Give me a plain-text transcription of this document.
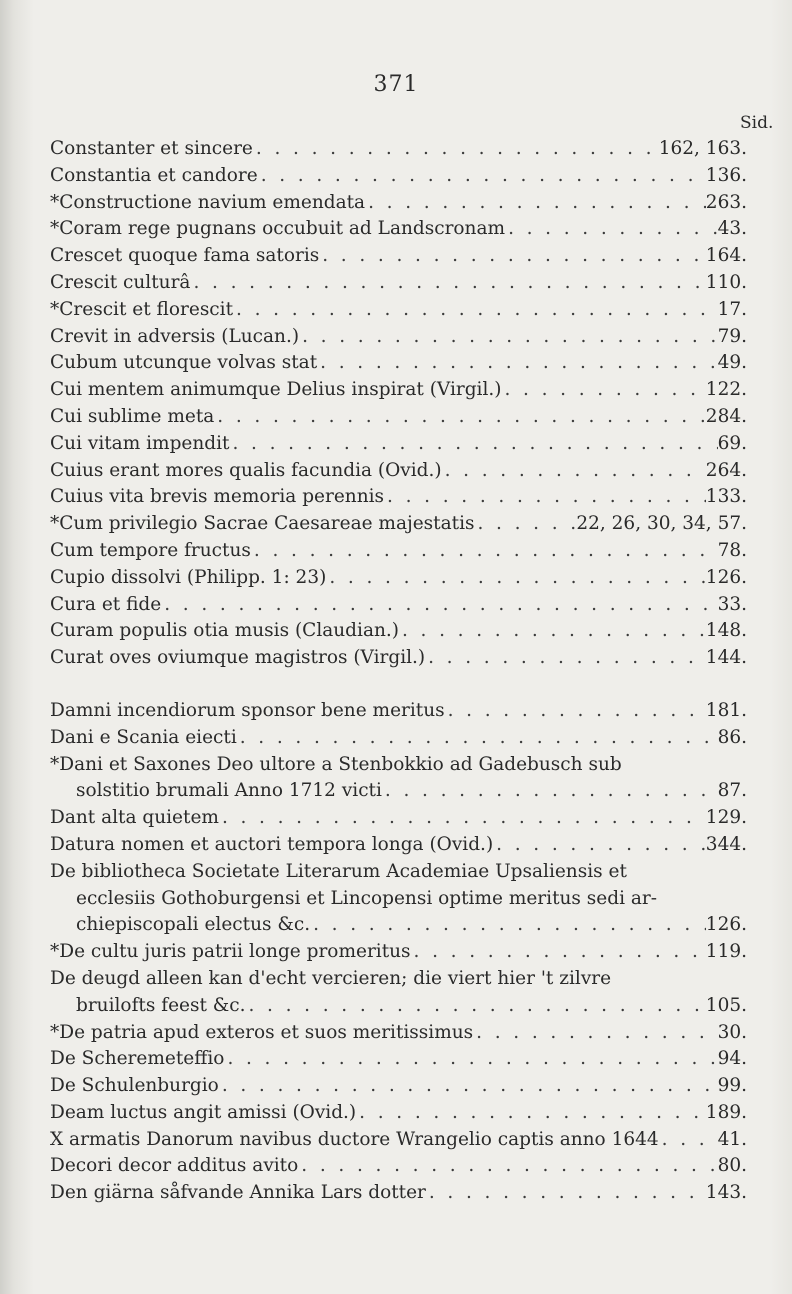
371
Sid.
Constanter et sincere . . .	162, 163.
Constantia et candore . . .	136.
*Constructione navium emendata . . .	263.
*Coram rege pugnans occubuit ad Landscronam . . .	43.
Crescet quoque fama satoris . . .	164.
Crescit culturâ . . .	110.
*Crescit et florescit . . .	17.
Crevit in adversis (Lucan.) . . .	79.
Cubum utcunque volvas stat . . .	49.
Cui mentem animumque Delius inspirat (Virgil.) . . .	122.
Cui sublime meta . . .	284.
Cui vitam impendit . . .	69.
Cuius erant mores qualis facundia (Ovid.) . . .	264.
Cuius vita brevis memoria perennis . . .	133.
*Cum privilegio Sacrae Caesareae majestatis . . .	22, 26, 30, 34, 57.
Cum tempore fructus . . .	78.
Cupio dissolvi (Philipp. 1: 23) . . .	126.
Cura et fide . . .	33.
Curam populis otia musis (Claudian.) . . .	148.
Curat oves oviumque magistros (Virgil.) . . .	144.
Damni incendiorum sponsor bene meritus . . .	181.
Dani e Scania eiecti . . .	86.
*Dani et Saxones Deo ultore a Stenbokkio ad Gadebusch sub
solstitio brumali Anno 1712 victi . . .	87.
Dant alta quietem . . .	129.
Datura nomen et auctori tempora longa (Ovid.) . . .	344.
De bibliotheca Societate Literarum Academiae Upsaliensis et
ecclesiis Gothoburgensi et Lincopensi optime meritus sedi ar-
chiepiscopali electus &c. . . .	126.
*De cultu juris patrii longe promeritus . . .	119.
De deugd alleen kan d'echt vercieren; die viert hier 't zilvre
bruilofts feest &c. . . .	105.
*De patria apud exteros et suos meritissimus . . .	30.
De Scheremeteffio . . .	94.
De Schulenburgio . . .	99.
Deam luctus angit amissi (Ovid.) . . .	189.
X armatis Danorum navibus ductore Wrangelio captis anno 1644 . . .	41.
Decori decor additus avito . . .	80.
Den giärna såfvande Annika Lars dotter . . .	143.
